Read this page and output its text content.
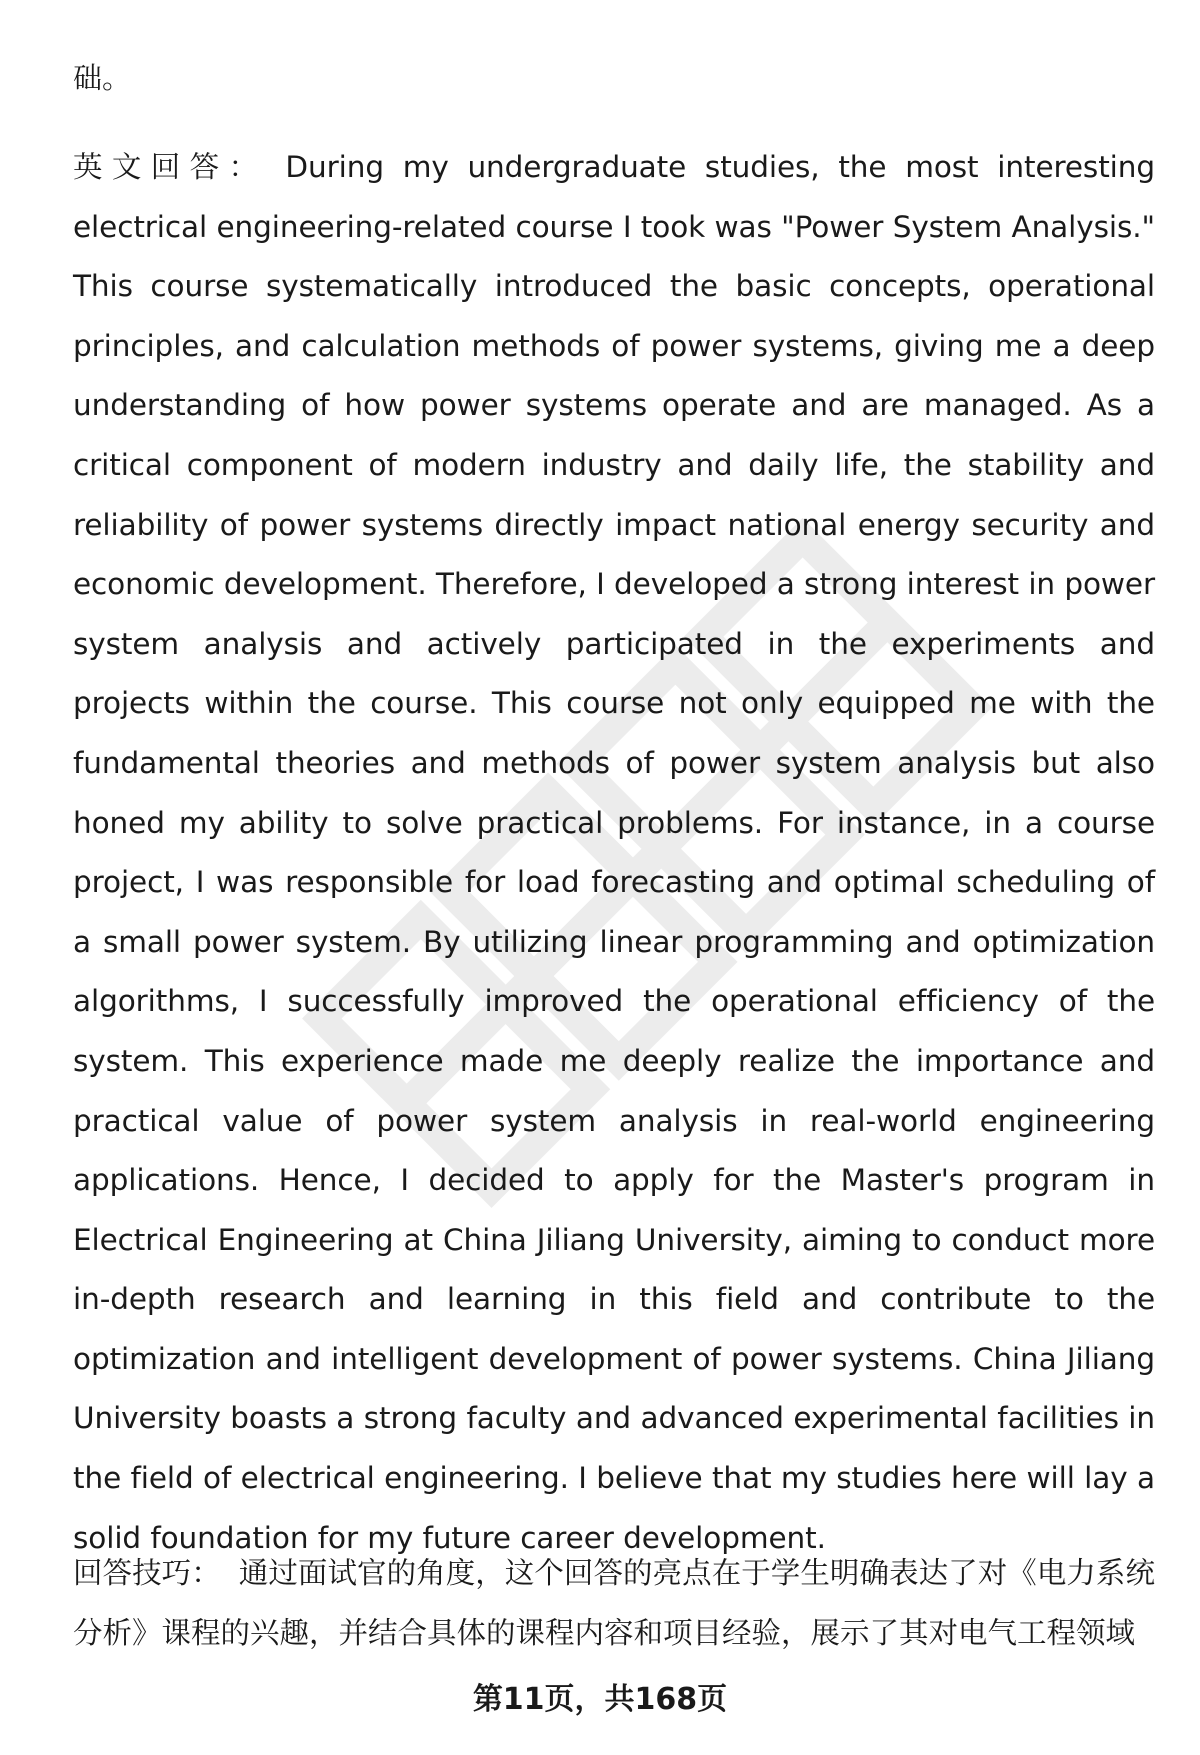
础。
英文回答： During my undergraduate studies, the most interesting electrical engineering-related course I took was "Power System Analysis." This course systematically introduced the basic concepts, operational principles, and calculation methods of power systems, giving me a deep understanding of how power systems operate and are managed. As a critical component of modern industry and daily life, the stability and reliability of power systems directly impact national energy security and economic development. Therefore, I developed a strong interest in power system analysis and actively participated in the experiments and projects within the course. This course not only equipped me with the fundamental theories and methods of power system analysis but also honed my ability to solve practical problems. For instance, in a course project, I was responsible for load forecasting and optimal scheduling of a small power system. By utilizing linear programming and optimization algorithms, I successfully improved the operational efficiency of the system. This experience made me deeply realize the importance and practical value of power system analysis in real-world engineering applications. Hence, I decided to apply for the Master's program in Electrical Engineering at China Jiliang University, aiming to conduct more in-depth research and learning in this field and contribute to the optimization and intelligent development of power systems. China Jiliang University boasts a strong faculty and advanced experimental facilities in the field of electrical engineering. I believe that my studies here will lay a solid foundation for my future career development.
回答技巧： 通过面试官的角度，这个回答的亮点在于学生明确表达了对《电力系统分析》课程的兴趣，并结合具体的课程内容和项目经验，展示了其对电气工程领域
第11页，共168页
